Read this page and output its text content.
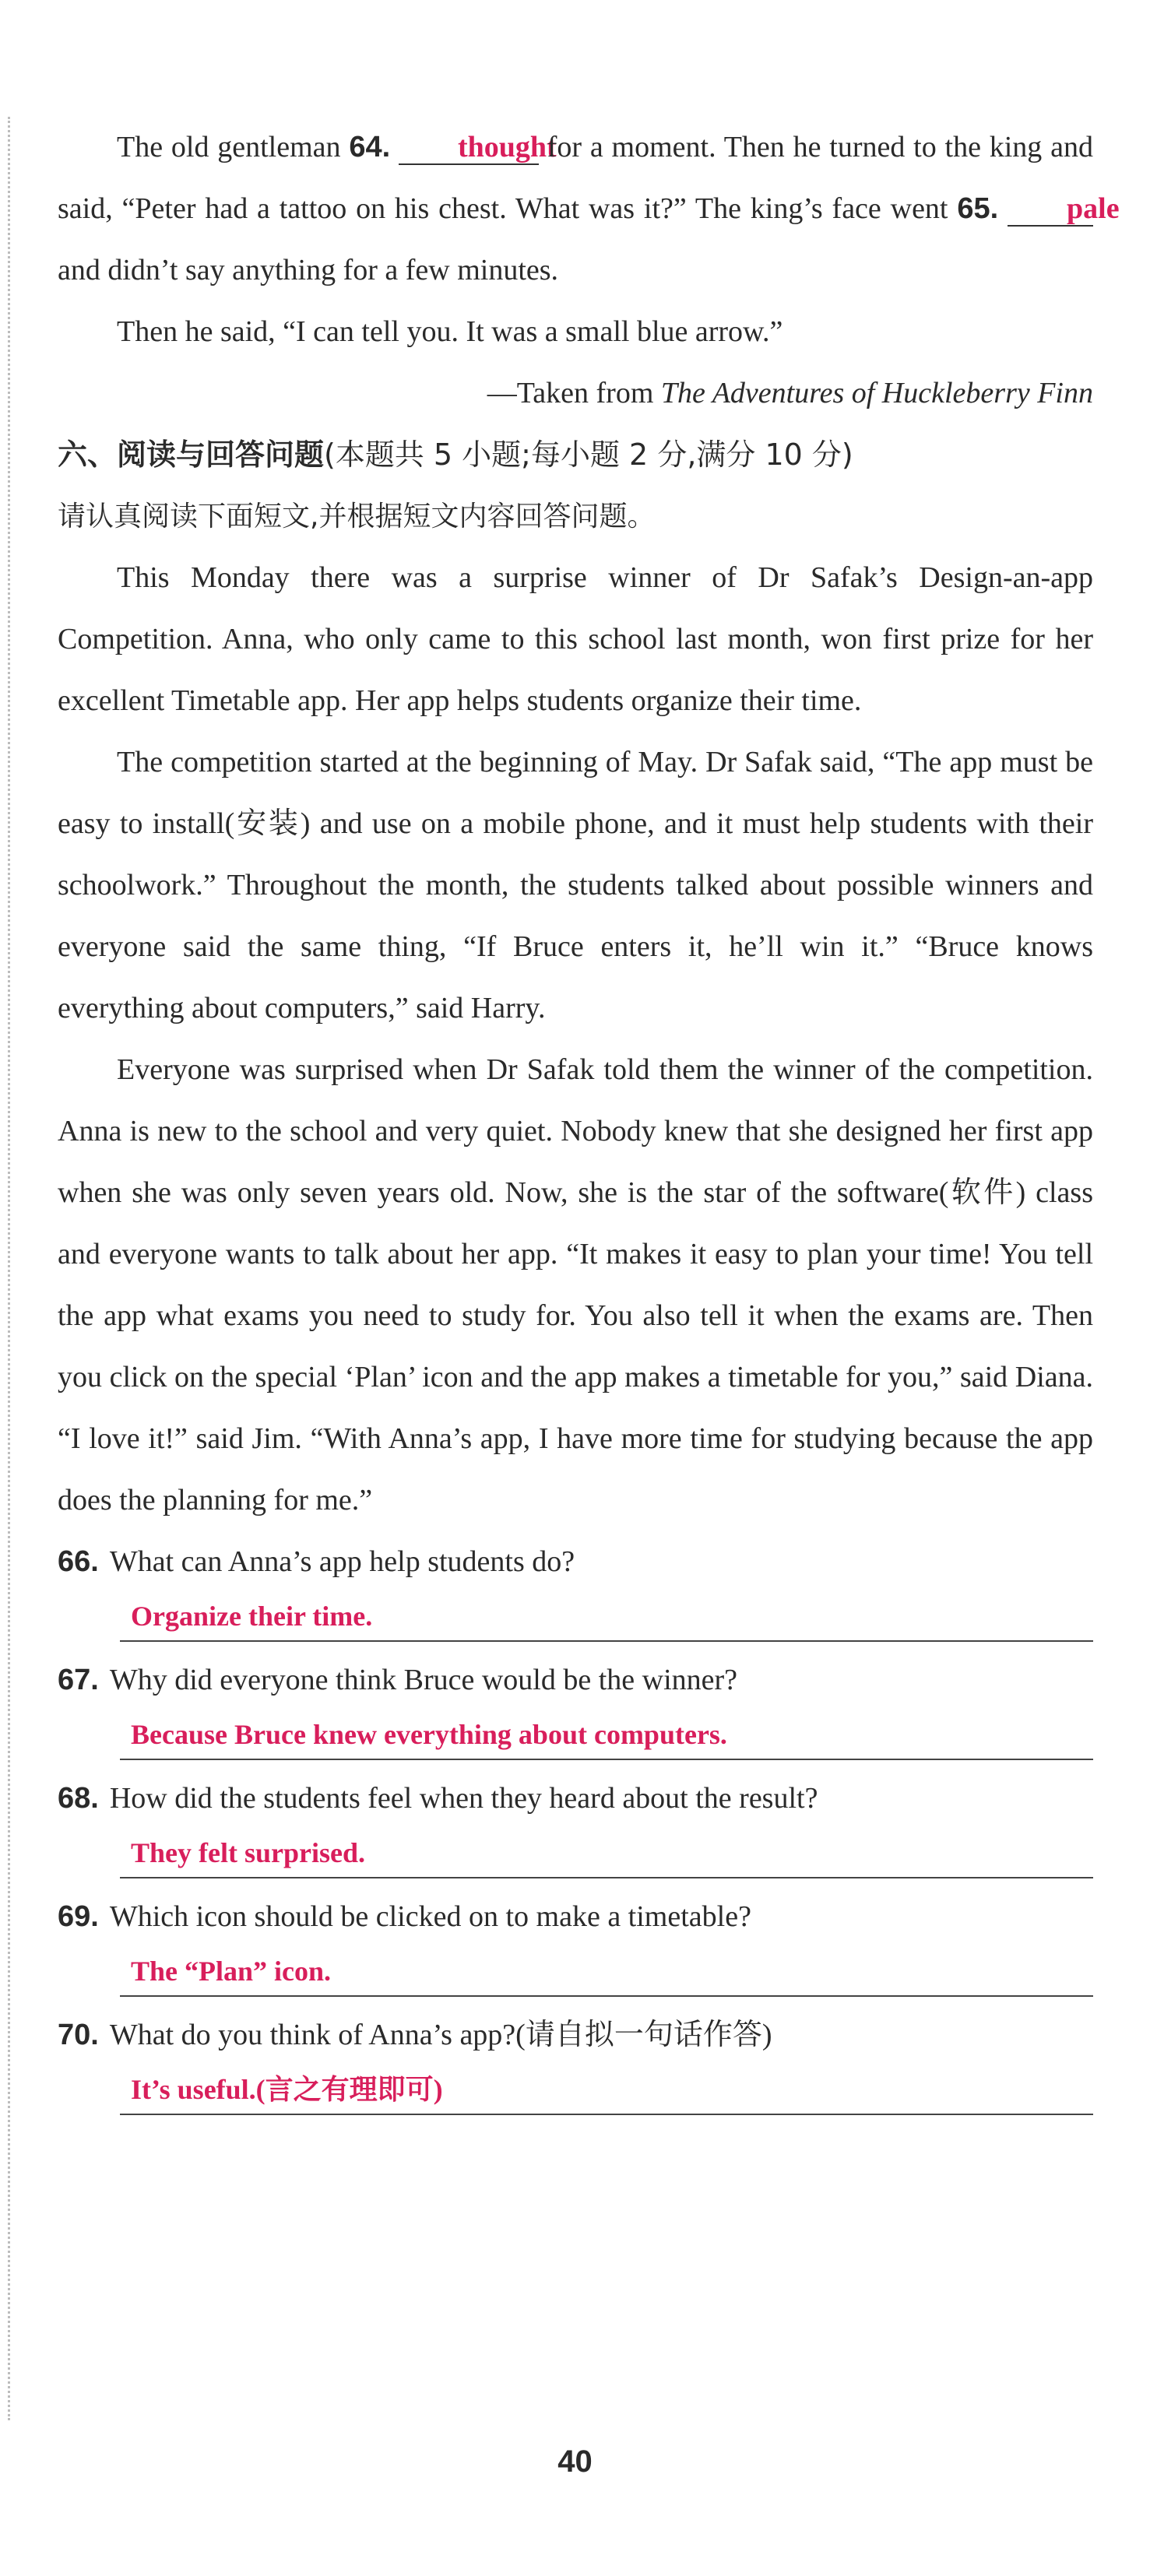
The old gentleman 64. thought for a moment. Then he turned to the king and said, “Peter had a tattoo on his chest. What was it?” The king’s face went 65. pale and didn’t say anything for a few minutes.

Then he said, “I can tell you. It was a small blue arrow.”

—Taken from The Adventures of Huckleberry Finn
六、阅读与回答问题(本题共 5 小题;每小题 2 分,满分 10 分)
请认真阅读下面短文,并根据短文内容回答问题。

This Monday there was a surprise winner of Dr Safak’s Design-an-app Competition. Anna, who only came to this school last month, won first prize for her excellent Timetable app. Her app helps students organize their time.

The competition started at the beginning of May. Dr Safak said, “The app must be easy to install(安装) and use on a mobile phone, and it must help students with their schoolwork.” Throughout the month, the students talked about possible winners and everyone said the same thing, “If Bruce enters it, he’ll win it.” “Bruce knows everything about computers,” said Harry.

Everyone was surprised when Dr Safak told them the winner of the competition. Anna is new to the school and very quiet. Nobody knew that she designed her first app when she was only seven years old. Now, she is the star of the software(软件) class and everyone wants to talk about her app. “It makes it easy to plan your time! You tell the app what exams you need to study for. You also tell it when the exams are. Then you click on the special ‘Plan’ icon and the app makes a timetable for you,” said Diana. “I love it!” said Jim. “With Anna’s app, I have more time for studying because the app does the planning for me.”

66. What can Anna’s app help students do?
Organize their time.
67. Why did everyone think Bruce would be the winner?
Because Bruce knew everything about computers.
68. How did the students feel when they heard about the result?
They felt surprised.
69. Which icon should be clicked on to make a timetable?
The “Plan” icon.
70. What do you think of Anna’s app?(请自拟一句话作答)
It’s useful.(言之有理即可)
40
